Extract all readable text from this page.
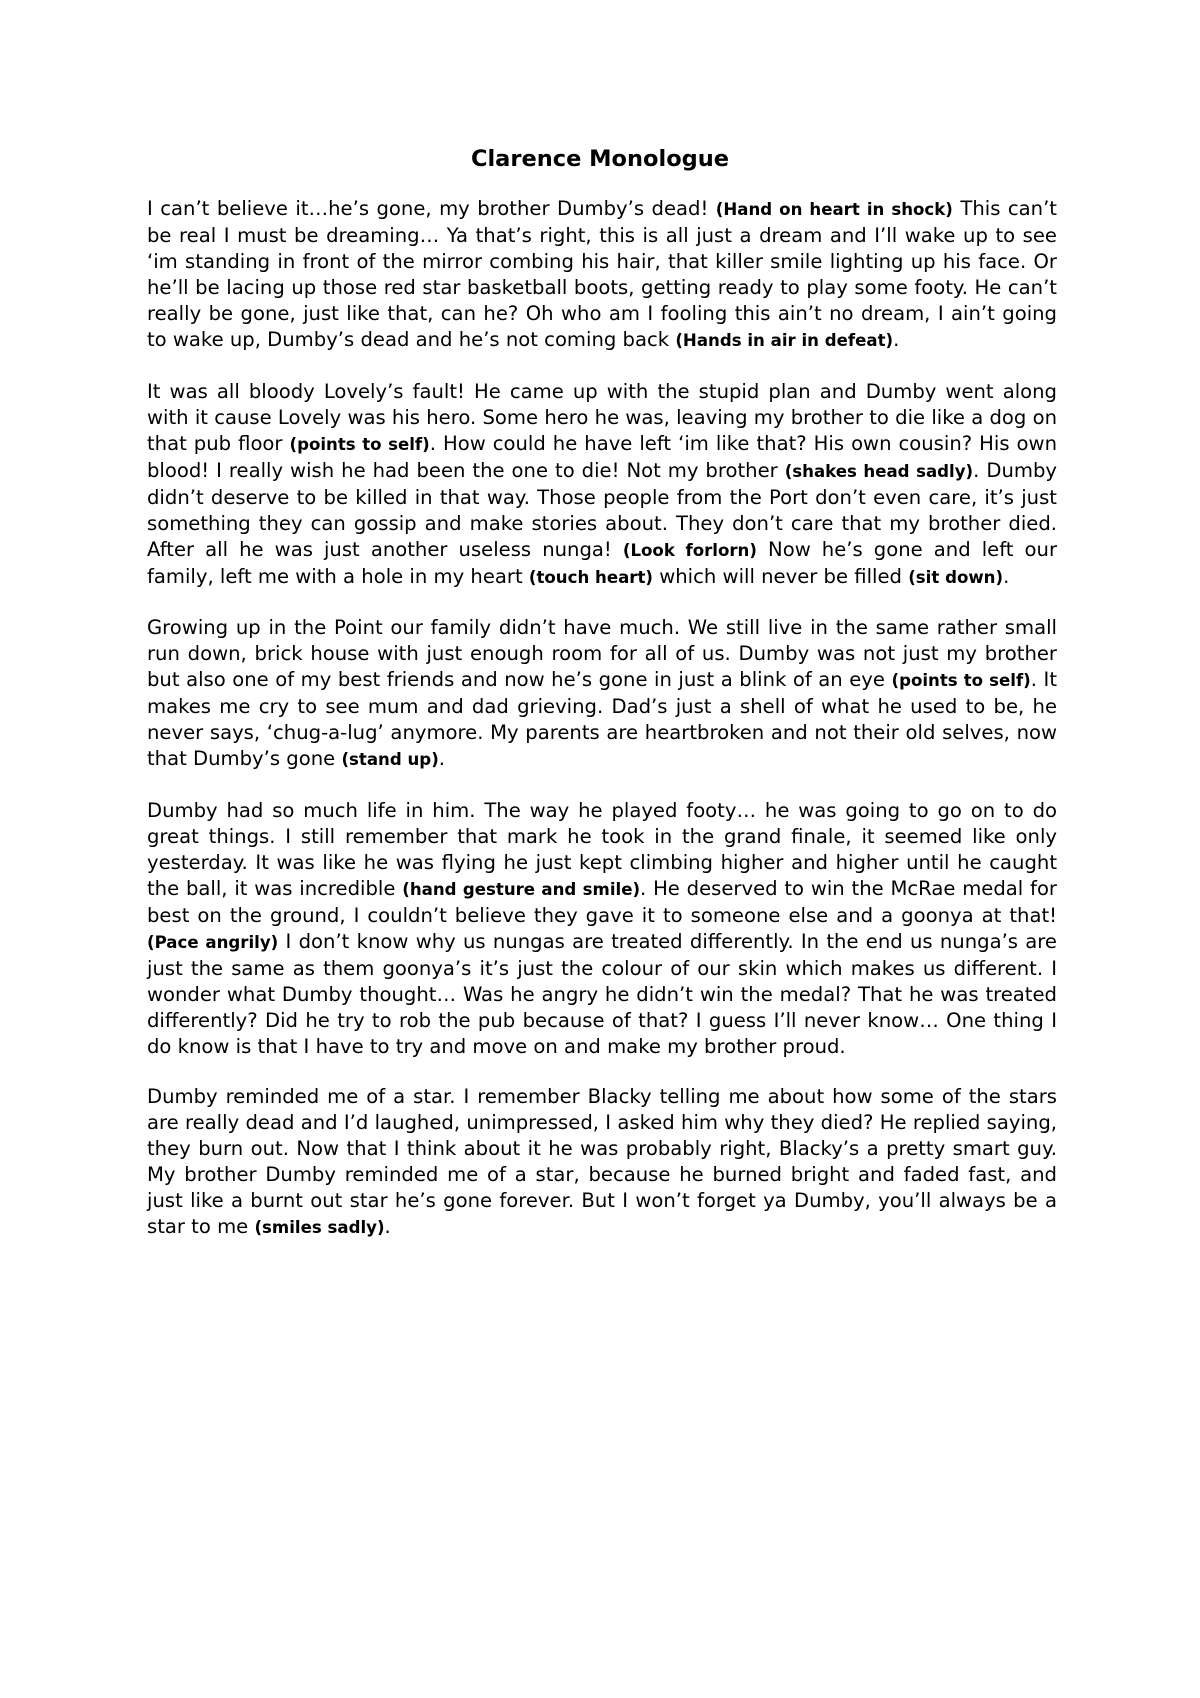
Clarence Monologue

I can’t believe it…he’s gone, my brother Dumby’s dead! (Hand on heart in shock) This can’t be real I must be dreaming… Ya that’s right, this is all just a dream and I’ll wake up to see ‘im standing in front of the mirror combing his hair, that killer smile lighting up his face. Or he’ll be lacing up those red star basketball boots, getting ready to play some footy. He can’t really be gone, just like that, can he? Oh who am I fooling this ain’t no dream, I ain’t going to wake up, Dumby’s dead and he’s not coming back (Hands in air in defeat).

It was all bloody Lovely’s fault! He came up with the stupid plan and Dumby went along with it cause Lovely was his hero. Some hero he was, leaving my brother to die like a dog on that pub floor (points to self). How could he have left ‘im like that? His own cousin? His own blood! I really wish he had been the one to die! Not my brother (shakes head sadly). Dumby didn’t deserve to be killed in that way. Those people from the Port don’t even care, it’s just something they can gossip and make stories about. They don’t care that my brother died. After all he was just another useless nunga! (Look forlorn) Now he’s gone and left our family, left me with a hole in my heart (touch heart) which will never be filled (sit down).

Growing up in the Point our family didn’t have much. We still live in the same rather small run down, brick house with just enough room for all of us. Dumby was not just my brother but also one of my best friends and now he’s gone in just a blink of an eye (points to self). It makes me cry to see mum and dad grieving. Dad’s just a shell of what he used to be, he never says, ‘chug-a-lug’ anymore. My parents are heartbroken and not their old selves, now that Dumby’s gone (stand up).

Dumby had so much life in him. The way he played footy… he was going to go on to do great things. I still remember that mark he took in the grand finale, it seemed like only yesterday. It was like he was flying he just kept climbing higher and higher until he caught the ball, it was incredible (hand gesture and smile). He deserved to win the McRae medal for best on the ground, I couldn’t believe they gave it to someone else and a goonya at that! (Pace angrily) I don’t know why us nungas are treated differently. In the end us nunga’s are just the same as them goonya’s it’s just the colour of our skin which makes us different. I wonder what Dumby thought… Was he angry he didn’t win the medal? That he was treated differently? Did he try to rob the pub because of that? I guess I’ll never know… One thing I do know is that I have to try and move on and make my brother proud.

Dumby reminded me of a star. I remember Blacky telling me about how some of the stars are really dead and I’d laughed, unimpressed, I asked him why they died? He replied saying, they burn out. Now that I think about it he was probably right, Blacky’s a pretty smart guy. My brother Dumby reminded me of a star, because he burned bright and faded fast, and just like a burnt out star he’s gone forever. But I won’t forget ya Dumby, you’ll always be a star to me (smiles sadly).
